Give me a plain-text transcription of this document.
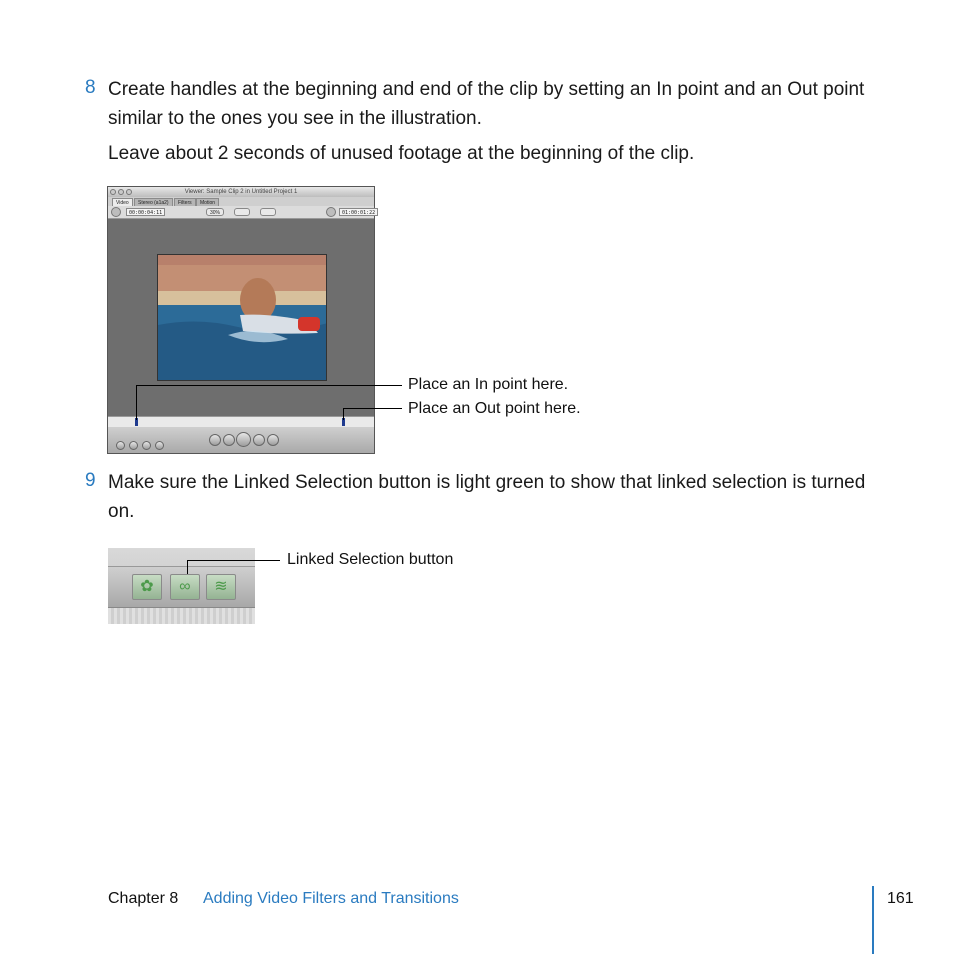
8 Create handles at the beginning and end of the clip by setting an In point and an Out point similar to the ones you see in the illustration.
Leave about 2 seconds of unused footage at the beginning of the clip.
Viewer: Sample Clip 2 in Untitled Project 1
Video	Stereo (a1a2)	Filters	Motion
00:00:04:11	30%	01:00:01:22
Place an In point here.
Place an Out point here.
9 Make sure the Linked Selection button is light green to show that linked selection is turned on.
✿	∞	≋
Linked Selection button
Chapter 8 Adding Video Filters and Transitions	161
